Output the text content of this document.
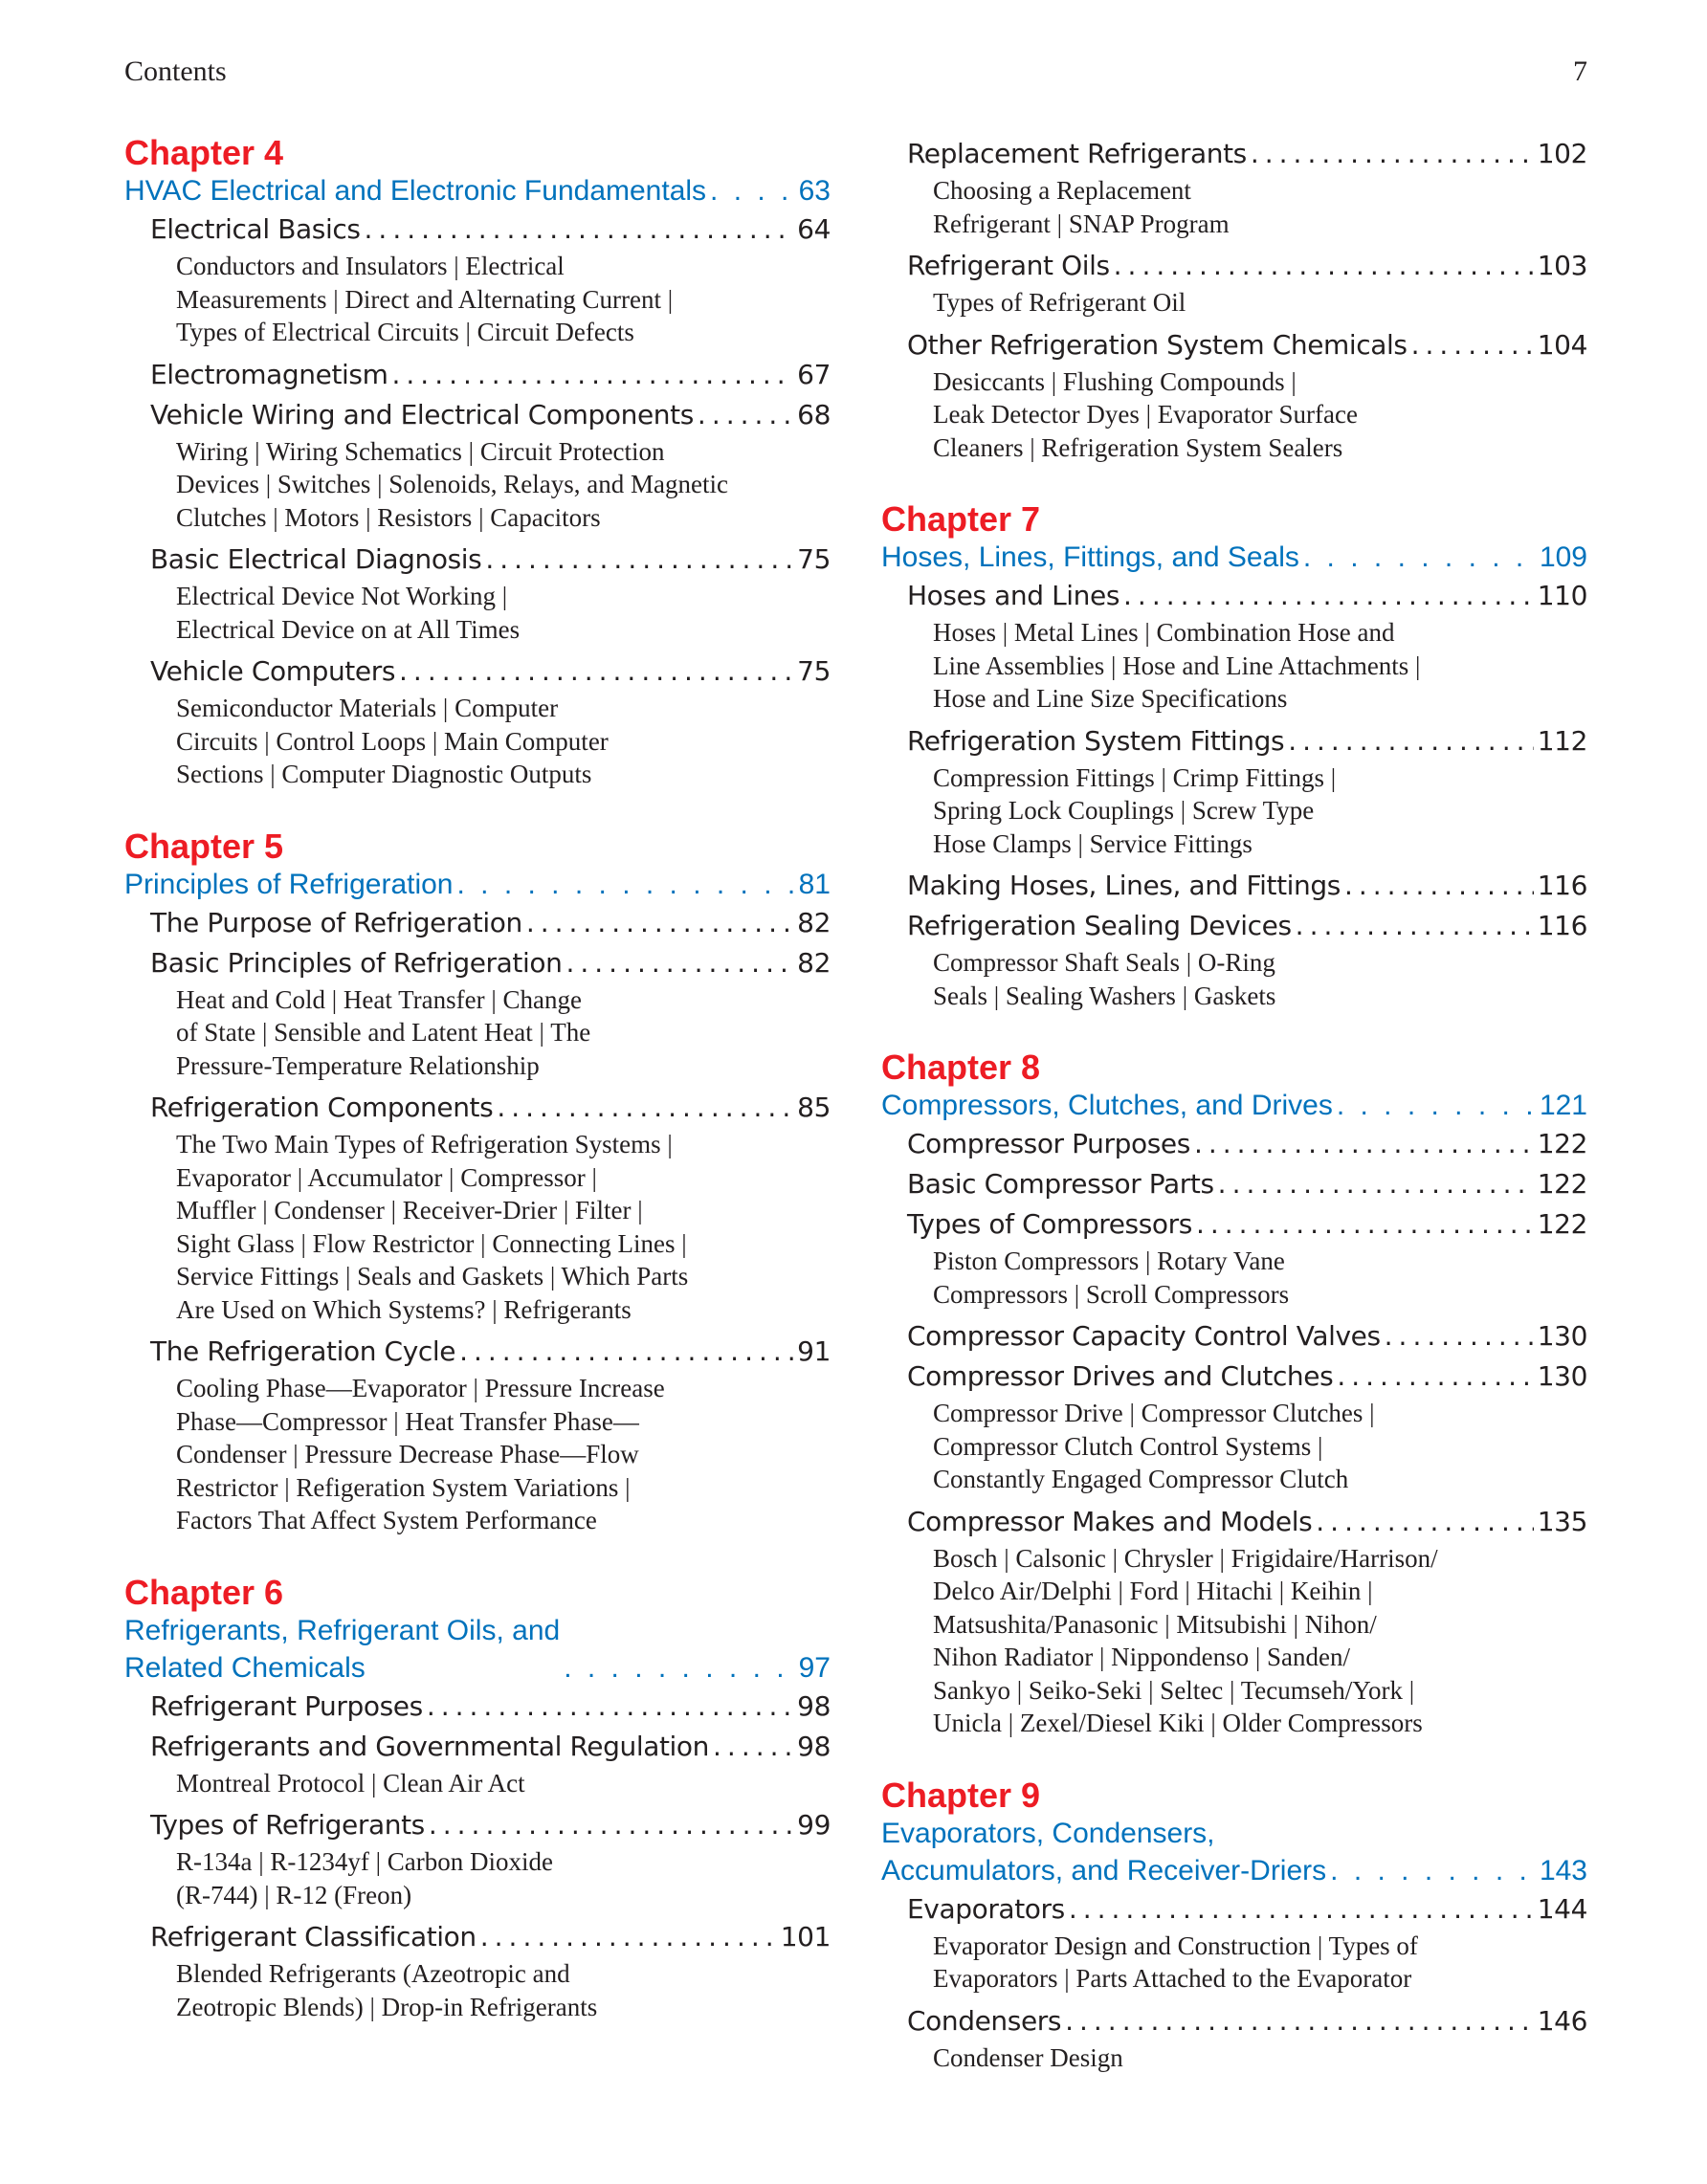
Contents	7
Chapter 4
HVAC Electrical and Electronic Fundamentals . . .	63
Electrical Basics .....	64
Conductors and Insulators | Electrical
Measurements | Direct and Alternating Current |
Types of Electrical Circuits | Circuit Defects
Electromagnetism .....	67
Vehicle Wiring and Electrical Components .....	68
Wiring | Wiring Schematics | Circuit Protection
Devices | Switches | Solenoids, Relays, and Magnetic
Clutches | Motors | Resistors | Capacitors
Basic Electrical Diagnosis .....	75
Electrical Device Not Working |
Electrical Device on at All Times
Vehicle Computers .....	75
Semiconductor Materials | Computer
Circuits | Control Loops | Main Computer
Sections | Computer Diagnostic Outputs
Chapter 5
Principles of Refrigeration . . .	81
The Purpose of Refrigeration .....	82
Basic Principles of Refrigeration .....	82
Heat and Cold | Heat Transfer | Change
of State | Sensible and Latent Heat | The
Pressure-Temperature Relationship
Refrigeration Components .....	85
The Two Main Types of Refrigeration Systems |
Evaporator | Accumulator | Compressor |
Muffler | Condenser | Receiver-Drier | Filter |
Sight Glass | Flow Restrictor | Connecting Lines |
Service Fittings | Seals and Gaskets | Which Parts
Are Used on Which Systems? | Refrigerants
The Refrigeration Cycle .....	91
Cooling Phase—Evaporator | Pressure Increase
Phase—Compressor | Heat Transfer Phase—
Condenser | Pressure Decrease Phase—Flow
Restrictor | Refigeration System Variations |
Factors That Affect System Performance
Chapter 6
Refrigerants, Refrigerant Oils, and
Related Chemicals . . .	97
Refrigerant Purposes .....	98
Refrigerants and Governmental Regulation .....	98
Montreal Protocol | Clean Air Act
Types of Refrigerants .....	99
R-134a | R-1234yf | Carbon Dioxide
(R-744) | R-12 (Freon)
Refrigerant Classification .....	101
Blended Refrigerants (Azeotropic and
Zeotropic Blends) | Drop-in Refrigerants
Replacement Refrigerants .....	102
Choosing a Replacement
Refrigerant | SNAP Program
Refrigerant Oils .....	103
Types of Refrigerant Oil
Other Refrigeration System Chemicals .....	104
Desiccants | Flushing Compounds |
Leak Detector Dyes | Evaporator Surface
Cleaners | Refrigeration System Sealers
Chapter 7
Hoses, Lines, Fittings, and Seals . . .	109
Hoses and Lines .....	110
Hoses | Metal Lines | Combination Hose and
Line Assemblies | Hose and Line Attachments |
Hose and Line Size Specifications
Refrigeration System Fittings .....	112
Compression Fittings | Crimp Fittings |
Spring Lock Couplings | Screw Type
Hose Clamps | Service Fittings
Making Hoses, Lines, and Fittings .....	116
Refrigeration Sealing Devices .....	116
Compressor Shaft Seals | O-Ring
Seals | Sealing Washers | Gaskets
Chapter 8
Compressors, Clutches, and Drives . . .	121
Compressor Purposes .....	122
Basic Compressor Parts .....	122
Types of Compressors .....	122
Piston Compressors | Rotary Vane
Compressors | Scroll Compressors
Compressor Capacity Control Valves .....	130
Compressor Drives and Clutches .....	130
Compressor Drive | Compressor Clutches |
Compressor Clutch Control Systems |
Constantly Engaged Compressor Clutch
Compressor Makes and Models .....	135
Bosch | Calsonic | Chrysler | Frigidaire/Harrison/
Delco Air/Delphi | Ford | Hitachi | Keihin |
Matsushita/Panasonic | Mitsubishi | Nihon/
Nihon Radiator | Nippondenso | Sanden/
Sankyo | Seiko-Seki | Seltec | Tecumseh/York |
Unicla | Zexel/Diesel Kiki | Older Compressors
Chapter 9
Evaporators, Condensers,
Accumulators, and Receiver-Driers . . .	143
Evaporators .....	144
Evaporator Design and Construction | Types of
Evaporators | Parts Attached to the Evaporator
Condensers .....	146
Condenser Design
